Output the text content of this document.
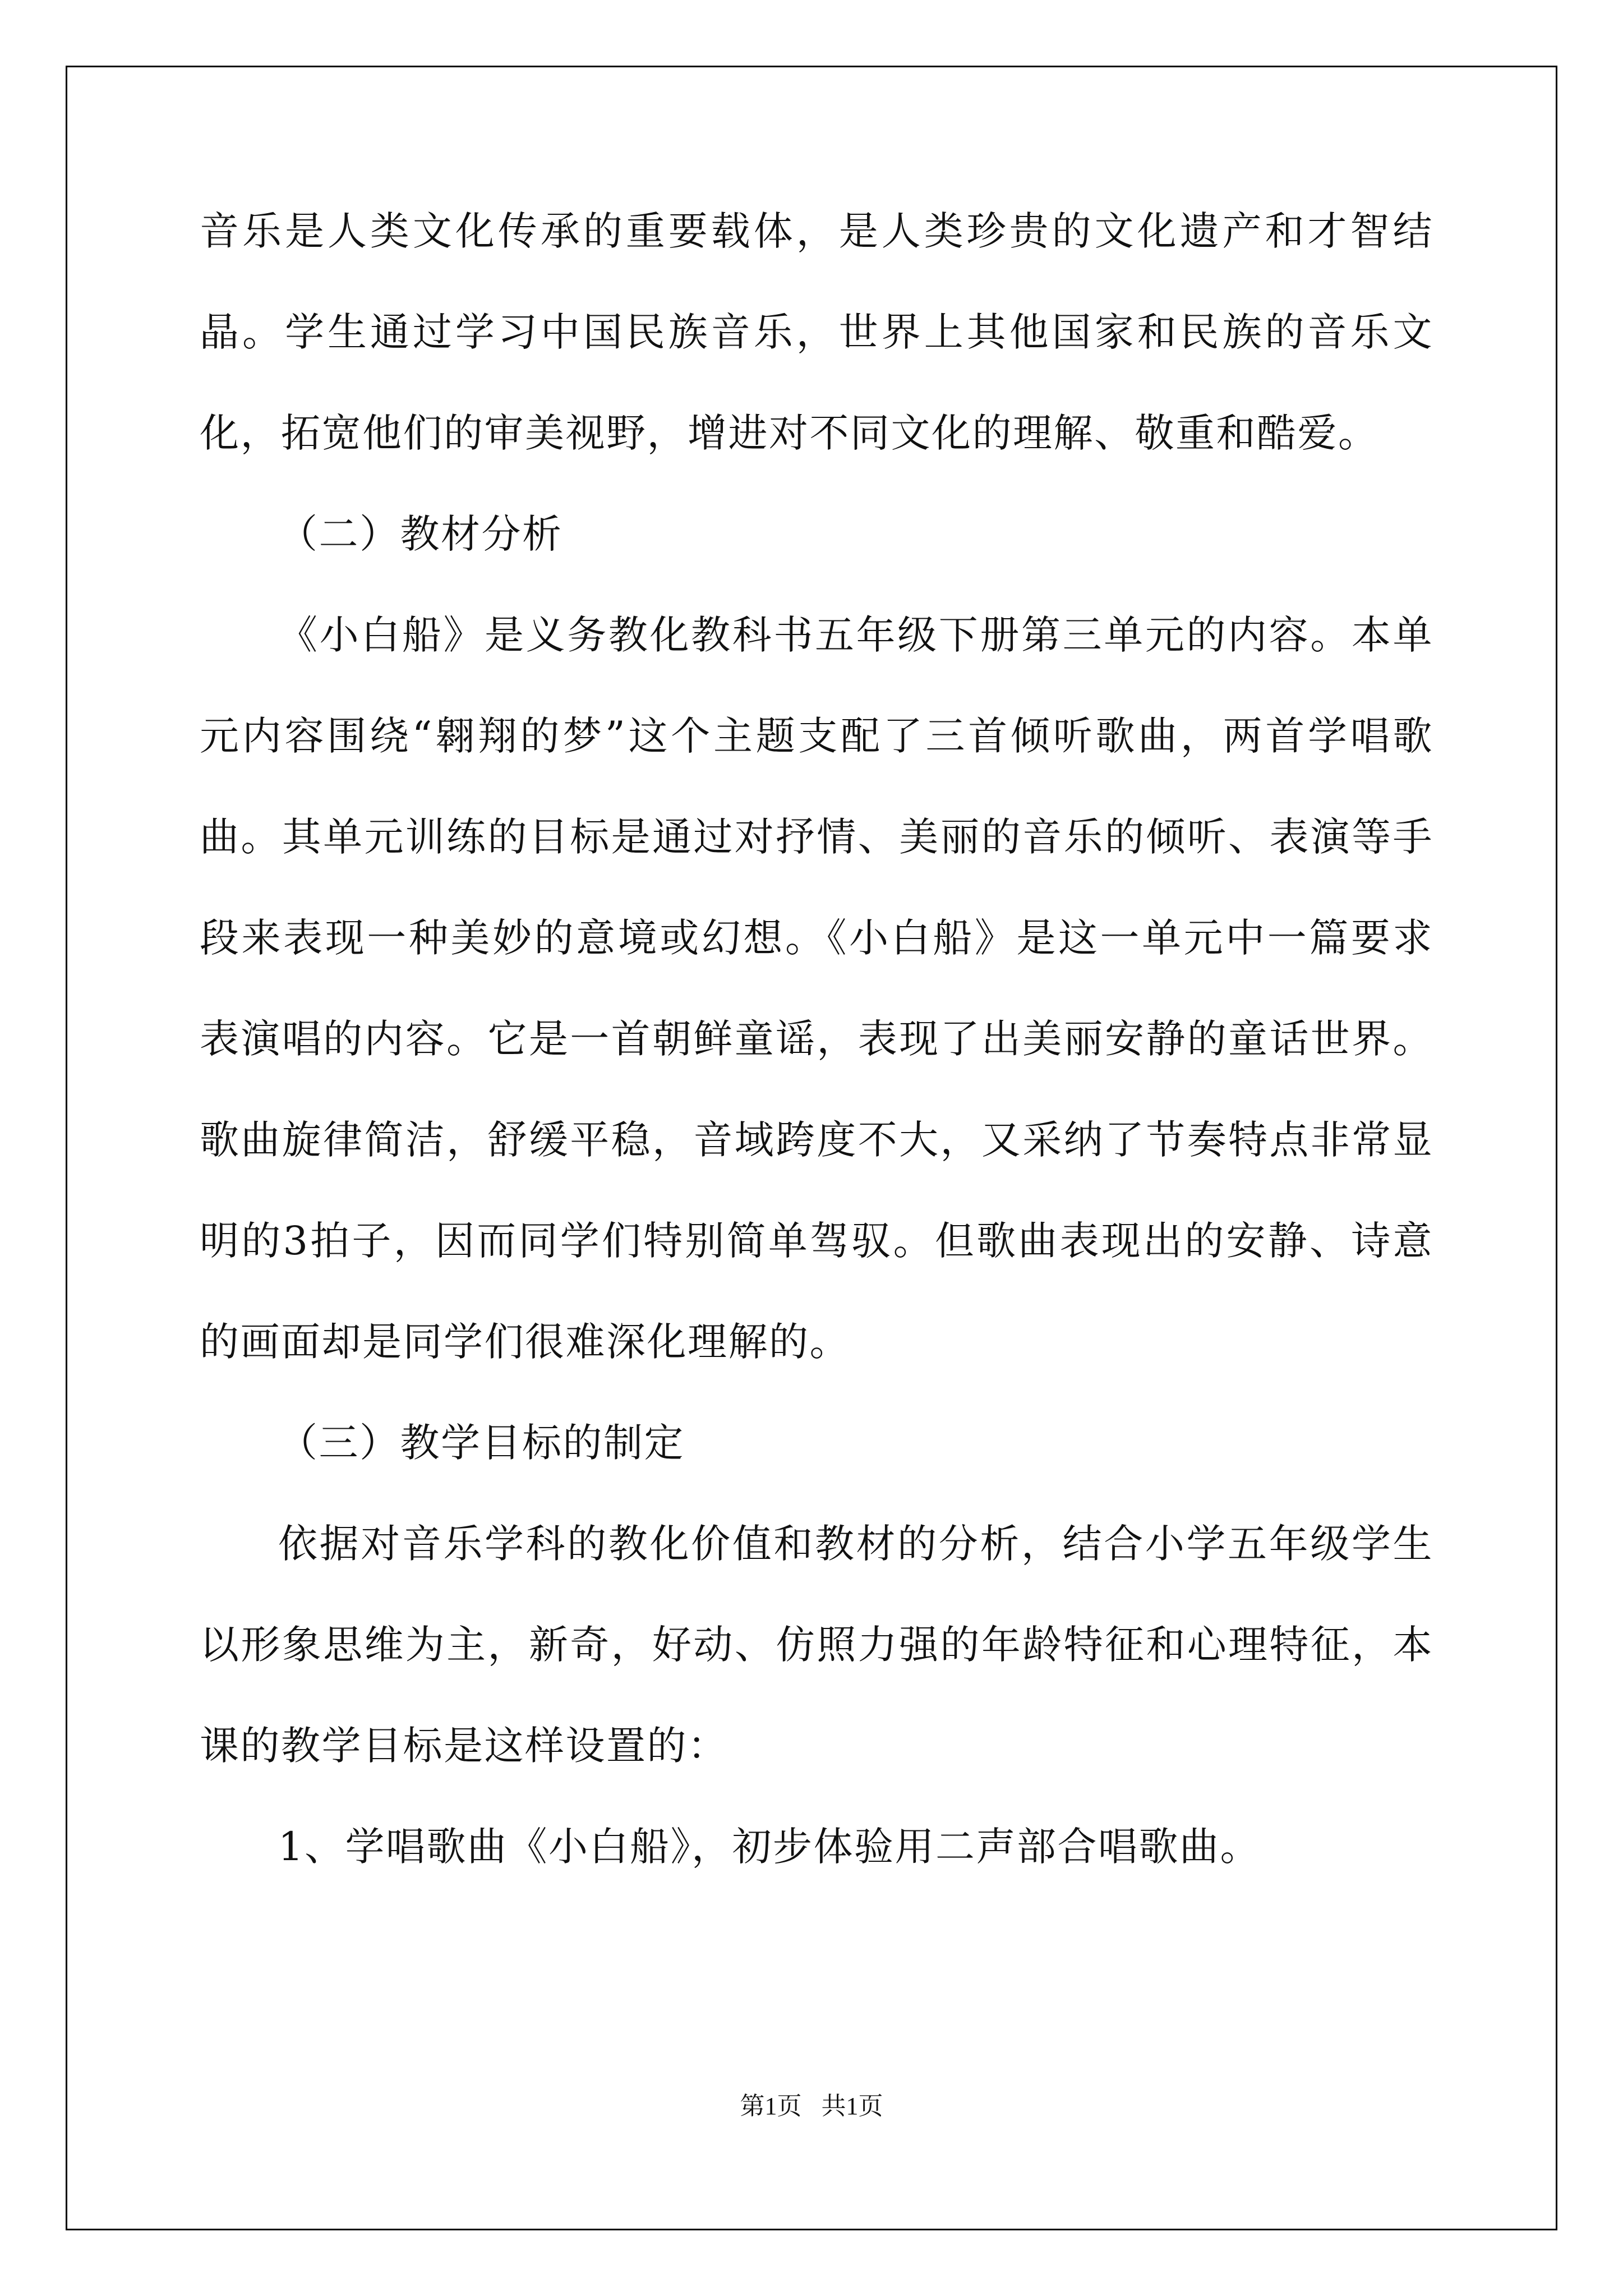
音乐是人类文化传承的重要载体，是人类珍贵的文化遗产和才智结晶。学生通过学习中国民族音乐，世界上其他国家和民族的音乐文化，拓宽他们的审美视野，增进对不同文化的理解、敬重和酷爱。

（二）教材分析

《小白船》是义务教化教科书五年级下册第三单元的内容。本单元内容围绕“翱翔的梦”这个主题支配了三首倾听歌曲，两首学唱歌曲。其单元训练的目标是通过对抒情、美丽的音乐的倾听、表演等手段来表现一种美妙的意境或幻想。《小白船》是这一单元中一篇要求表演唱的内容。它是一首朝鲜童谣，表现了出美丽安静的童话世界。歌曲旋律简洁，舒缓平稳，音域跨度不大，又采纳了节奏特点非常显明的3拍子，因而同学们特别简单驾驭。但歌曲表现出的安静、诗意的画面却是同学们很难深化理解的。

（三）教学目标的制定

依据对音乐学科的教化价值和教材的分析，结合小学五年级学生以形象思维为主，新奇，好动、仿照力强的年龄特征和心理特征，本课的教学目标是这样设置的：

1、学唱歌曲《小白船》，初步体验用二声部合唱歌曲。

第1页 共1页
